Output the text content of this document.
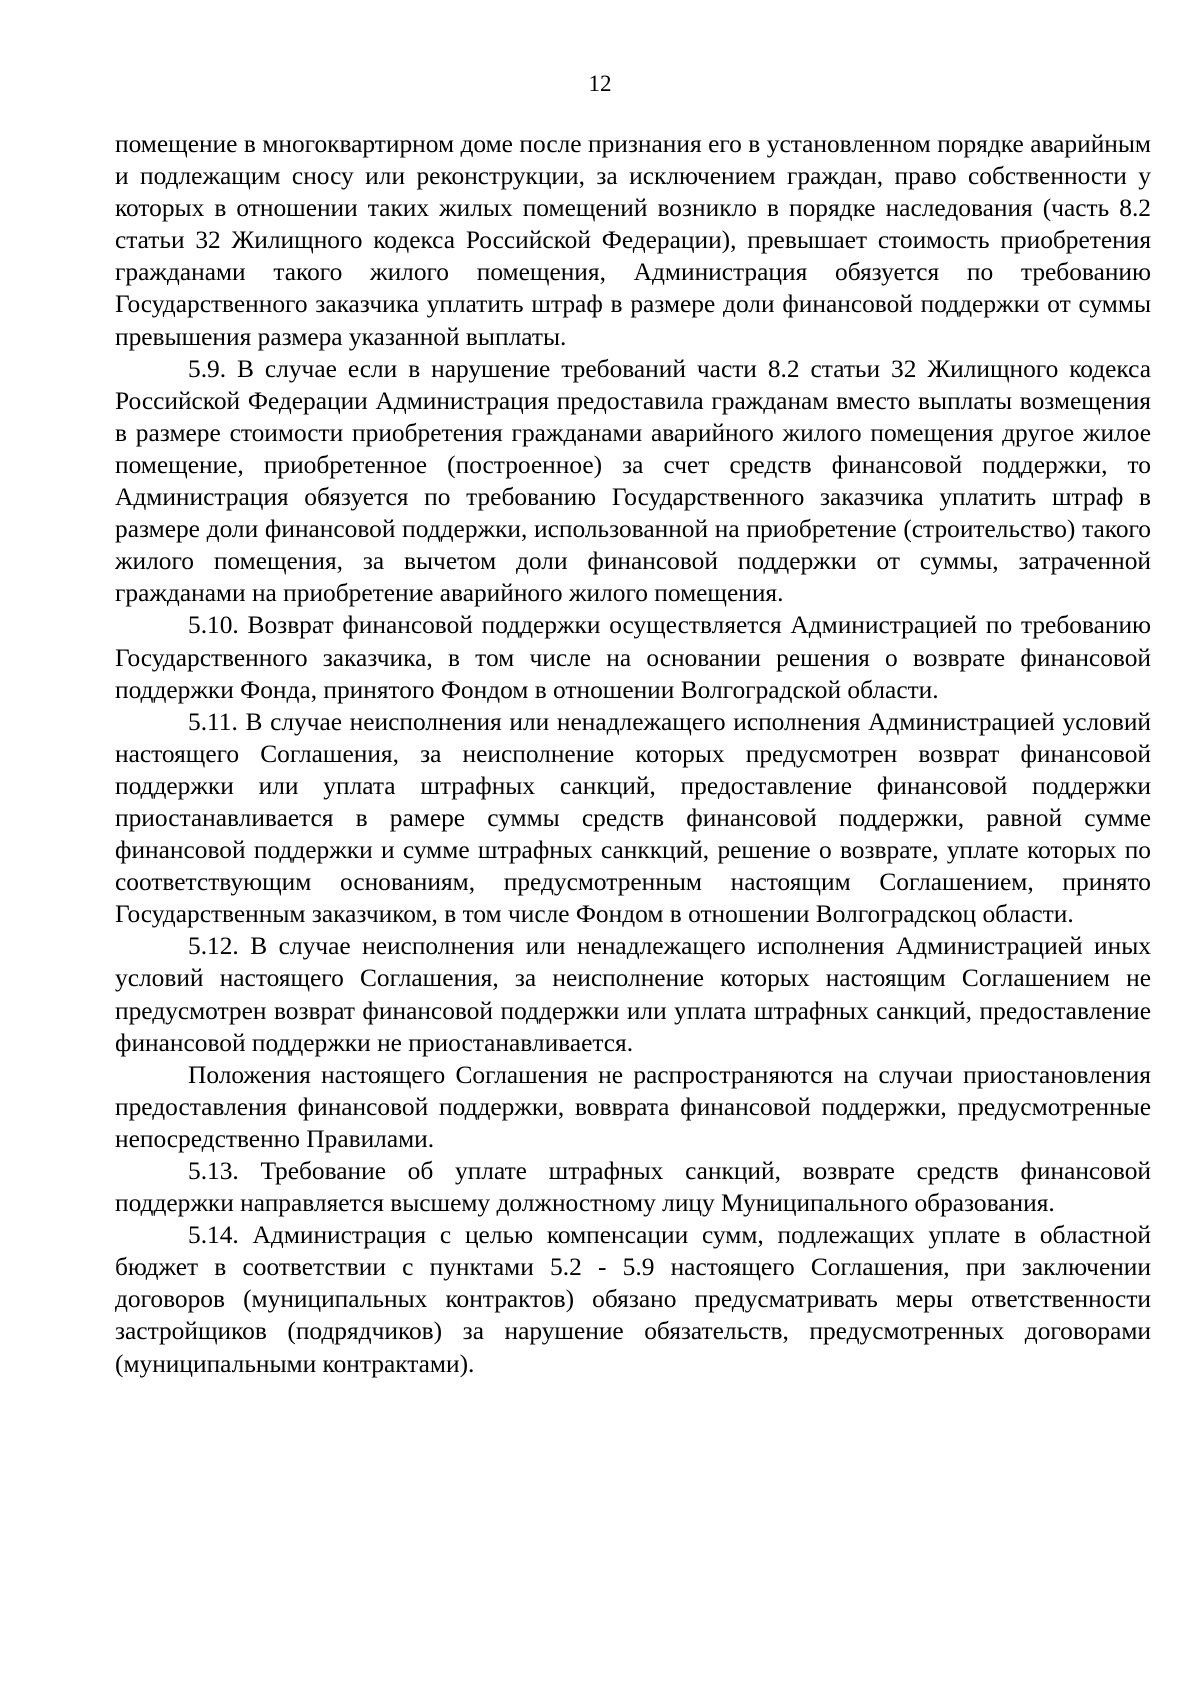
12

помещение в многоквартирном доме после признания его в установленном порядке аварийным и подлежащим сносу или реконструкции, за исключением граждан, право собственности у которых в отношении таких жилых помещений возникло в порядке наследования (часть 8.2 статьи 32 Жилищного кодекса Российской Федерации), превышает стоимость приобретения гражданами такого жилого помещения, Администрация обязуется по требованию Государственного заказчика уплатить штраф в размере доли финансовой поддержки от суммы превышения размера указанной выплаты.

5.9. В случае если в нарушение требований части 8.2 статьи 32 Жилищного кодекса Российской Федерации Администрация предоставила гражданам вместо выплаты возмещения в размере стоимости приобретения гражданами аварийного жилого помещения другое жилое помещение, приобретенное (построенное) за счет средств финансовой поддержки, то Администрация обязуется по требованию Государственного заказчика уплатить штраф в размере доли финансовой поддержки, использованной на приобретение (строительство) такого жилого помещения, за вычетом доли финансовой поддержки от суммы, затраченной гражданами на приобретение аварийного жилого помещения.

5.10. Возврат финансовой поддержки осуществляется Администрацией по требованию Государственного заказчика, в том числе на основании решения о возврате финансовой поддержки Фонда, принятого Фондом в отношении Волгоградской области.

5.11. В случае неисполнения или ненадлежащего исполнения Администрацией условий настоящего Соглашения, за неисполнение которых предусмотрен возврат финансовой поддержки или уплата штрафных санкций, предоставление финансовой поддержки приостанавливается в рамере суммы средств финансовой поддержки, равной сумме финансовой поддержки и сумме штрафных санккций, решение о возврате, уплате которых по соответствующим основаниям, предусмотренным настоящим Соглашением, принято Государственным заказчиком, в том числе Фондом в отношении Волгоградскоц области.

5.12. В случае неисполнения или ненадлежащего исполнения Администрацией иных условий настоящего Соглашения, за неисполнение которых настоящим Соглашением не предусмотрен возврат финансовой поддержки или уплата штрафных санкций, предоставление финансовой поддержки не приостанавливается.

Положения настоящего Соглашения не распространяются на случаи приостановления предоставления финансовой поддержки, вовврата финансовой поддержки, предусмотренные непосредственно Правилами.

5.13. Требование об уплате штрафных санкций, возврате средств финансовой поддержки направляется высшему должностному лицу Муниципального образования.

5.14. Администрация с целью компенсации сумм, подлежащих уплате в областной бюджет в соответствии с пунктами 5.2 - 5.9 настоящего Соглашения, при заключении договоров (муниципальных контрактов) обязано предусматривать меры ответственности застройщиков (подрядчиков) за нарушение обязательств, предусмотренных договорами (муниципальными контрактами).
